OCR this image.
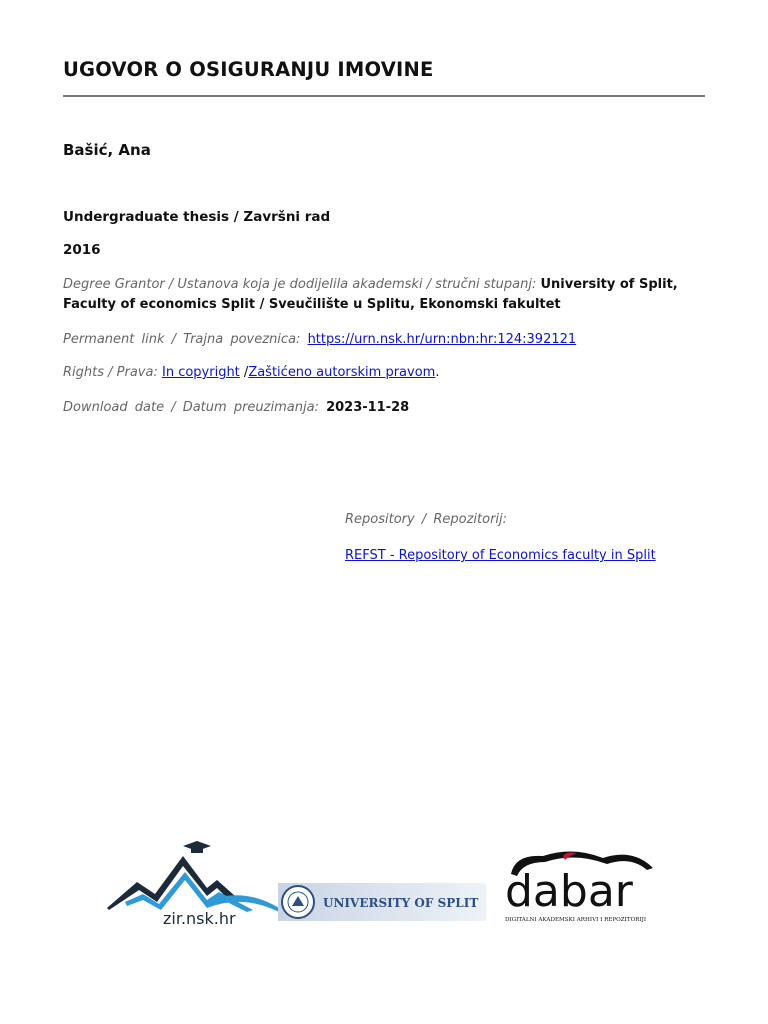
UGOVOR O OSIGURANJU IMOVINE
Bašić, Ana
Undergraduate thesis / Završni rad
2016
Degree Grantor / Ustanova koja je dodijelila akademski / stručni stupanj: University of Split, Faculty of economics Split / Sveučilište u Splitu, Ekonomski fakultet
Permanent link / Trajna poveznica: https://urn.nsk.hr/urn:nbn:hr:124:392121
Rights / Prava: In copyright /Zaštićeno autorskim pravom.
Download date / Datum preuzimanja: 2023-11-28
Repository / Repozitorij:
REFST - Repository of Economics faculty in Split
zir.nsk.hr
UNIVERSITY OF SPLIT dabar
DIGITALNI AKADEMSKI ARHIVI I REPOZITORIJI
